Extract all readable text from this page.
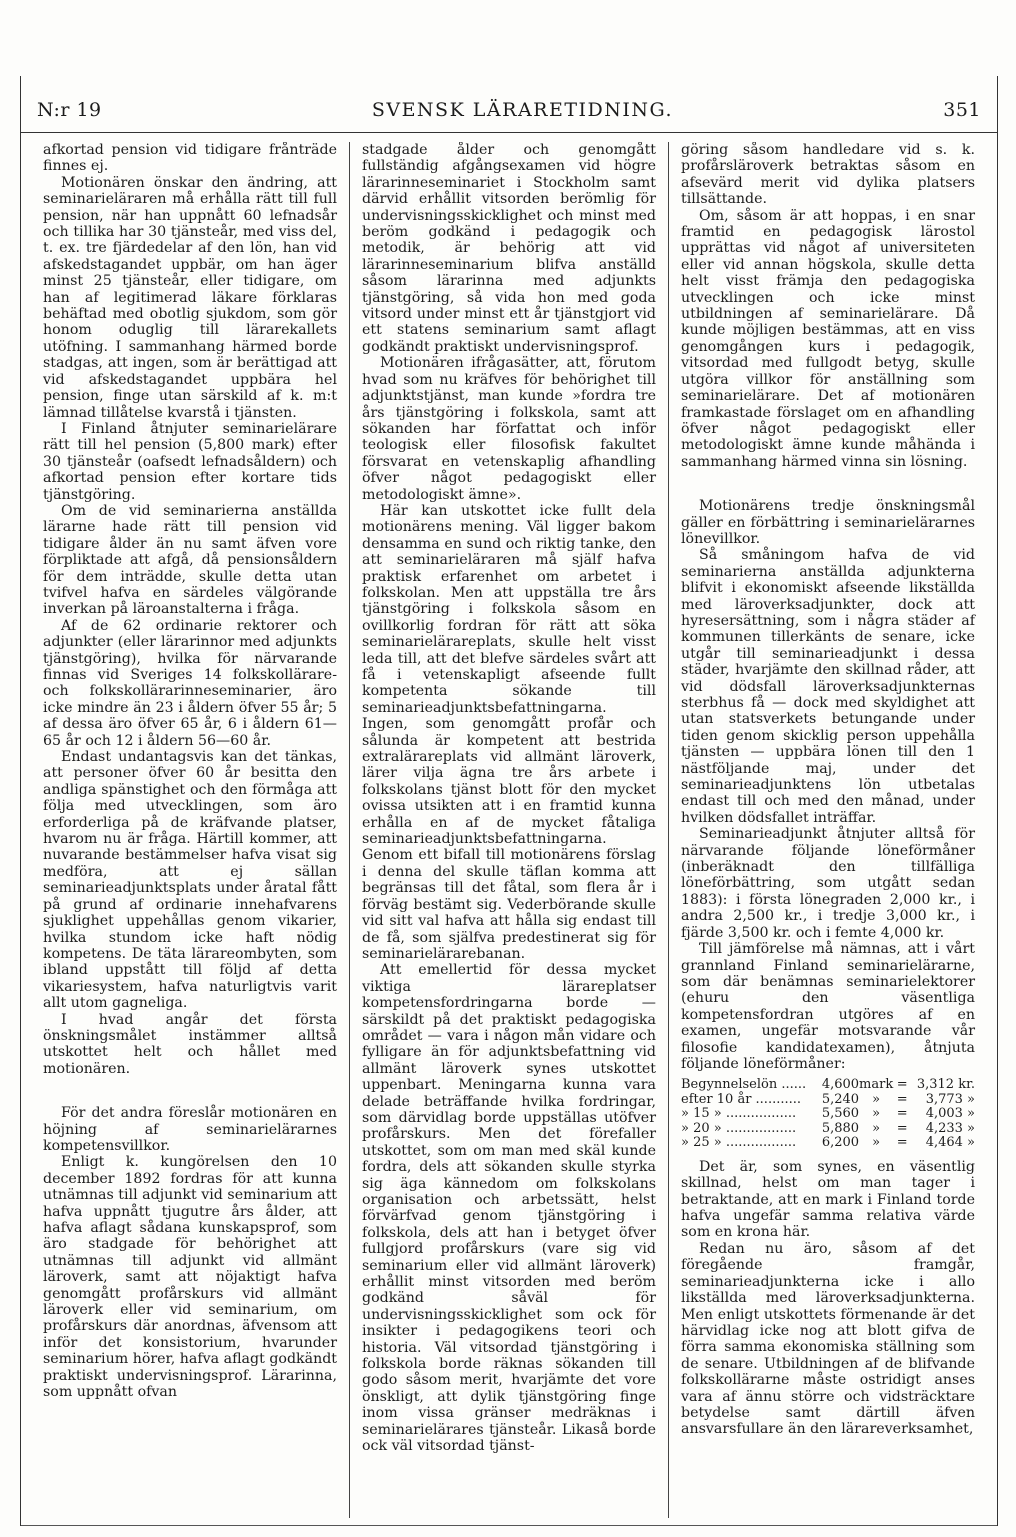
N:r 19	SVENSK LÄRARETIDNING.	351

afkortad pension vid tidigare frånträde finnes ej.

Motionären önskar den ändring, att seminarieläraren må erhålla rätt till full pension, när han uppnått 60 lefnadsår och tillika har 30 tjänsteår, med viss del, t. ex. tre fjärdedelar af den lön, han vid afskedstagandet uppbär, om han äger minst 25 tjänsteår, eller tidigare, om han af legitimerad läkare förklaras behäftad med obotlig sjukdom, som gör honom oduglig till lärarekallets utöfning. I sammanhang härmed borde stadgas, att ingen, som är berättigad att vid afskedstagandet uppbära hel pension, finge utan särskild af k. m:t lämnad tillåtelse kvarstå i tjänsten.

I Finland åtnjuter seminarielärare rätt till hel pension (5,800 mark) efter 30 tjänsteår (oafsedt lefnadsåldern) och afkortad pension efter kortare tids tjänstgöring.

Om de vid seminarierna anställda lärarne hade rätt till pension vid tidigare ålder än nu samt äfven vore förpliktade att afgå, då pensionsåldern för dem inträdde, skulle detta utan tvifvel hafva en särdeles välgörande inverkan på läroanstalterna i fråga.

Af de 62 ordinarie rektorer och adjunkter (eller lärarinnor med adjunkts tjänstgöring), hvilka för närvarande finnas vid Sveriges 14 folkskollärare- och folkskollärarinneseminarier, äro icke mindre än 23 i åldern öfver 55 år; 5 af dessa äro öfver 65 år, 6 i åldern 61—65 år och 12 i åldern 56—60 år.

Endast undantagsvis kan det tänkas, att personer öfver 60 år besitta den andliga spänstighet och den förmåga att följa med utvecklingen, som äro erforderliga på de kräfvande platser, hvarom nu är fråga. Härtill kommer, att nuvarande bestämmelser hafva visat sig medföra, att ej sällan seminarieadjunktsplats under åratal fått på grund af ordinarie innehafvarens sjuklighet uppehållas genom vikarier, hvilka stundom icke haft nödig kompetens. De täta lärareombyten, som ibland uppstått till följd af detta vikariesystem, hafva naturligtvis varit allt utom gagneliga.

I hvad angår det första önskningsmålet instämmer alltså utskottet helt och hållet med motionären.

För det andra föreslår motionären en höjning af seminarielärarnes kompetensvillkor.

Enligt k. kungörelsen den 10 december 1892 fordras för att kunna utnämnas till adjunkt vid seminarium att hafva uppnått tjugutre års ålder, att hafva aflagt sådana kunskapsprof, som äro stadgade för behörighet att utnämnas till adjunkt vid allmänt läroverk, samt att nöjaktigt hafva genomgått profårskurs vid allmänt läroverk eller vid seminarium, om profårskurs där anordnas, äfvensom att inför det konsistorium, hvarunder seminarium hörer, hafva aflagt godkändt praktiskt undervisningsprof. Lärarinna, som uppnått ofvan

stadgade ålder och genomgått fullständig afgångsexamen vid högre lärarinneseminariet i Stockholm samt därvid erhållit vitsorden berömlig för undervisningsskicklighet och minst med beröm godkänd i pedagogik och metodik, är behörig att vid lärarinneseminarium blifva anställd såsom lärarinna med adjunkts tjänstgöring, så vida hon med goda vitsord under minst ett år tjänstgjort vid ett statens seminarium samt aflagt godkändt praktiskt undervisningsprof.

Motionären ifrågasätter, att, förutom hvad som nu kräfves för behörighet till adjunktstjänst, man kunde »fordra tre års tjänstgöring i folkskola, samt att sökanden har författat och inför teologisk eller filosofisk fakultet försvarat en vetenskaplig afhandling öfver något pedagogiskt eller metodologiskt ämne».

Här kan utskottet icke fullt dela motionärens mening. Väl ligger bakom densamma en sund och riktig tanke, den att seminarieläraren må själf hafva praktisk erfarenhet om arbetet i folkskolan. Men att uppställa tre års tjänstgöring i folkskola såsom en ovillkorlig fordran för rätt att söka seminarielärareplats, skulle helt visst leda till, att det blefve särdeles svårt att få i vetenskapligt afseende fullt kompetenta sökande till seminarieadjunktsbefattningarna. Ingen, som genomgått profår och sålunda är kompetent att bestrida extralärareplats vid allmänt läroverk, lärer vilja ägna tre års arbete i folkskolans tjänst blott för den mycket ovissa utsikten att i en framtid kunna erhålla en af de mycket fåtaliga seminarieadjunktsbefattningarna. Genom ett bifall till motionärens förslag i denna del skulle täflan komma att begränsas till det fåtal, som flera år i förväg bestämt sig. Vederbörande skulle vid sitt val hafva att hålla sig endast till de få, som själfva predestinerat sig för seminarielärarebanan.

Att emellertid för dessa mycket viktiga lärareplatser kompetensfordringarna borde — särskildt på det praktiskt pedagogiska området — vara i någon mån vidare och fylligare än för adjunktsbefattning vid allmänt läroverk synes utskottet uppenbart. Meningarna kunna vara delade beträffande hvilka fordringar, som därvidlag borde uppställas utöfver profårskurs. Men det förefaller utskottet, som om man med skäl kunde fordra, dels att sökanden skulle styrka sig äga kännedom om folkskolans organisation och arbetssätt, helst förvärfvad genom tjänstgöring i folkskola, dels att han i betyget öfver fullgjord profårskurs (vare sig vid seminarium eller vid allmänt läroverk) erhållit minst vitsorden med beröm godkänd såväl för undervisningsskicklighet som ock för insikter i pedagogikens teori och historia. Väl vitsordad tjänstgöring i folkskola borde räknas sökanden till godo såsom merit, hvarjämte det vore önskligt, att dylik tjänstgöring finge inom vissa gränser medräknas i seminarielärares tjänsteår. Likaså borde ock väl vitsordad tjänst-

göring såsom handledare vid s. k. profårsläroverk betraktas såsom en afsevärd merit vid dylika platsers tillsättande.

Om, såsom är att hoppas, i en snar framtid en pedagogisk lärostol upprättas vid något af universiteten eller vid annan högskola, skulle detta helt visst främja den pedagogiska utvecklingen och icke minst utbildningen af seminarielärare. Då kunde möjligen bestämmas, att en viss genomgången kurs i pedagogik, vitsordad med fullgodt betyg, skulle utgöra villkor för anställning som seminarielärare. Det af motionären framkastade förslaget om en afhandling öfver något pedagogiskt eller metodologiskt ämne kunde måhända i sammanhang härmed vinna sin lösning.

Motionärens tredje önskningsmål gäller en förbättring i seminarielärarnes lönevillkor.

Så småningom hafva de vid seminarierna anställda adjunkterna blifvit i ekonomiskt afseende likställda med läroverksadjunkter, dock att hyresersättning, som i några städer af kommunen tillerkänts de senare, icke utgår till seminarieadjunkt i dessa städer, hvarjämte den skillnad råder, att vid dödsfall läroverksadjunkternas sterbhus få — dock med skyldighet att utan statsverkets betungande under tiden genom skicklig person uppehålla tjänsten — uppbära lönen till den 1 nästföljande maj, under det seminarieadjunktens lön utbetalas endast till och med den månad, under hvilken dödsfallet inträffar.

Seminarieadjunkt åtnjuter alltså för närvarande följande löneförmåner (inberäknadt den tillfälliga löneförbättring, som utgått sedan 1883): i första lönegraden 2,000 kr., i andra 2,500 kr., i tredje 3,000 kr., i fjärde 3,500 kr. och i femte 4,000 kr.

Till jämförelse må nämnas, att i vårt grannland Finland seminarielärarne, som där benämnas seminarielektorer (ehuru den väsentliga kompetensfordran utgöres af en examen, ungefär motsvarande vår filosofie kandidatexamen), åtnjuta följande löneförmåner:

Begynnelselön ......	4,600	mark	=	3,312 kr.
efter 10 år ...........	5,240	»	=	3,773 »
» 15 » .................	5,560	»	=	4,003 »
» 20 » .................	5,880	»	=	4,233 »
» 25 » .................	6,200	»	=	4,464 »

Det är, som synes, en väsentlig skillnad, helst om man tager i betraktande, att en mark i Finland torde hafva ungefär samma relativa värde som en krona här.

Redan nu äro, såsom af det föregående framgår, seminarieadjunkterna icke i allo likställda med läroverksadjunkterna. Men enligt utskottets förmenande är det härvidlag icke nog att blott gifva de förra samma ekonomiska ställning som de senare. Utbildningen af de blifvande folkskollärarne måste ostridigt anses vara af ännu större och vidsträcktare betydelse samt därtill äfven ansvarsfullare än den lärareverksamhet,
